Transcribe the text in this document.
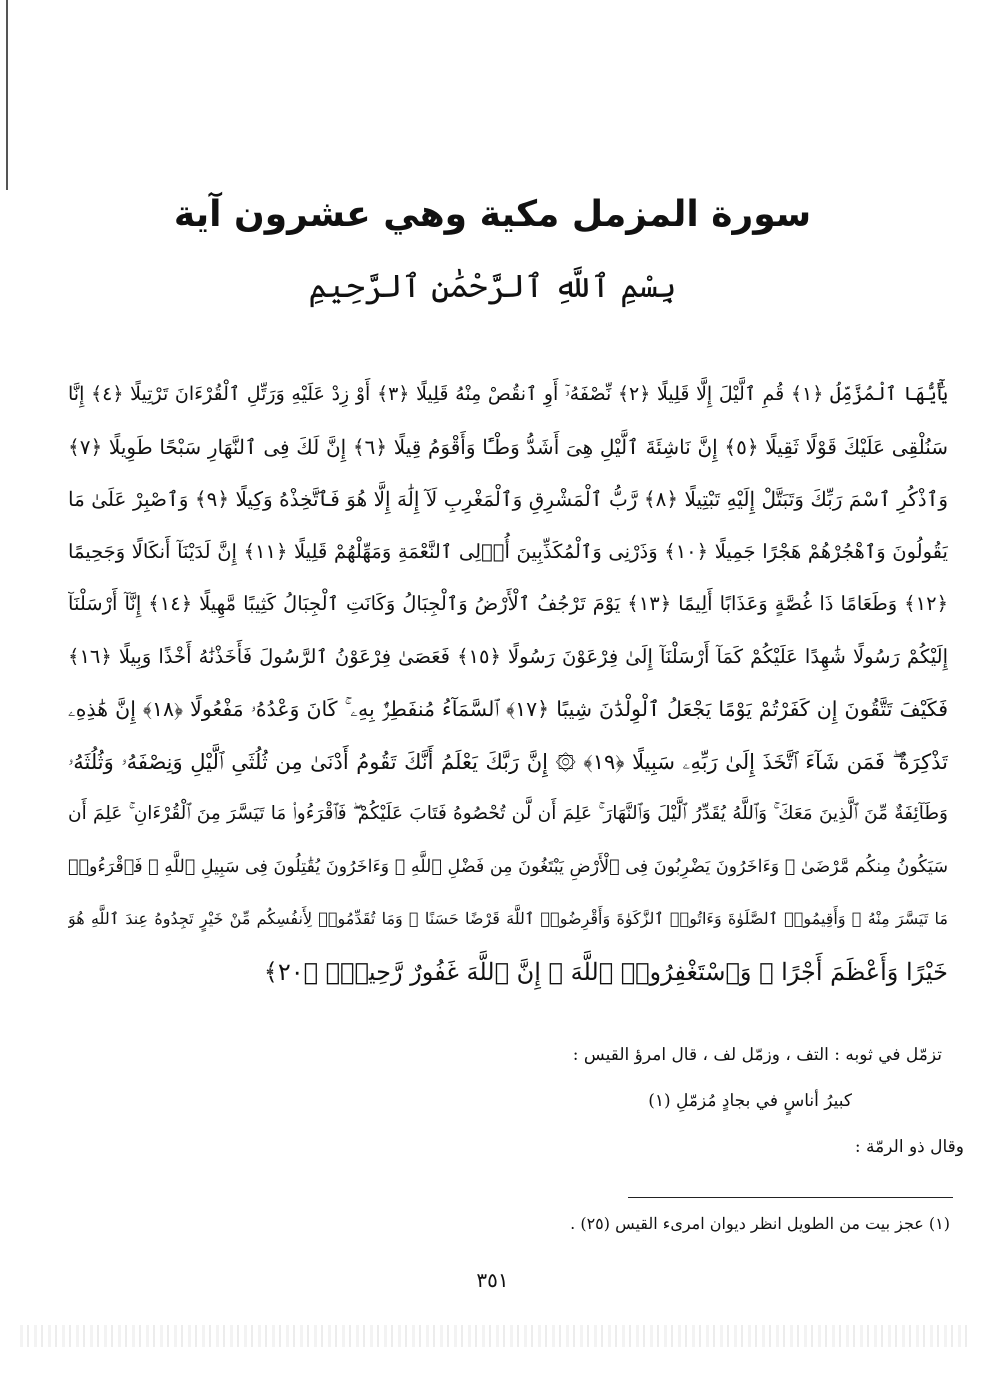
سورة المزمل مكية وهي عشرون آية
بِسْمِ ٱللَّهِ ٱلرَّحْمَٰنِ ٱلرَّحِيمِ
يَٰٓأَيُّهَا ٱلْمُزَّمِّلُ ﴿١﴾ قُمِ ٱلَّيْلَ إِلَّا قَلِيلًا ﴿٢﴾ نِّصْفَهُۥٓ أَوِ ٱنقُصْ مِنْهُ قَلِيلًا ﴿٣﴾ أَوْ زِدْ عَلَيْهِ وَرَتِّلِ ٱلْقُرْءَانَ تَرْتِيلًا ﴿٤﴾ إِنَّا
سَنُلْقِى عَلَيْكَ قَوْلًا ثَقِيلًا ﴿٥﴾ إِنَّ نَاشِئَةَ ٱلَّيْلِ هِىَ أَشَدُّ وَطْـًٔا وَأَقْوَمُ قِيلًا ﴿٦﴾ إِنَّ لَكَ فِى ٱلنَّهَارِ سَبْحًا طَوِيلًا ﴿٧﴾
وَٱذْكُرِ ٱسْمَ رَبِّكَ وَتَبَتَّلْ إِلَيْهِ تَبْتِيلًا ﴿٨﴾ رَّبُّ ٱلْمَشْرِقِ وَٱلْمَغْرِبِ لَآ إِلَٰهَ إِلَّا هُوَ فَٱتَّخِذْهُ وَكِيلًا ﴿٩﴾ وَٱصْبِرْ عَلَىٰ مَا
يَقُولُونَ وَٱهْجُرْهُمْ هَجْرًا جَمِيلًا ﴿١٠﴾ وَذَرْنِى وَٱلْمُكَذِّبِينَ أُو۟لِى ٱلنَّعْمَةِ وَمَهِّلْهُمْ قَلِيلًا ﴿١١﴾ إِنَّ لَدَيْنَآ أَنكَالًا وَجَحِيمًا
﴿١٢﴾ وَطَعَامًا ذَا غُصَّةٍ وَعَذَابًا أَلِيمًا ﴿١٣﴾ يَوْمَ تَرْجُفُ ٱلْأَرْضُ وَٱلْجِبَالُ وَكَانَتِ ٱلْجِبَالُ كَثِيبًا مَّهِيلًا ﴿١٤﴾ إِنَّآ أَرْسَلْنَآ
إِلَيْكُمْ رَسُولًا شَٰهِدًا عَلَيْكُمْ كَمَآ أَرْسَلْنَآ إِلَىٰ فِرْعَوْنَ رَسُولًا ﴿١٥﴾ فَعَصَىٰ فِرْعَوْنُ ٱلرَّسُولَ فَأَخَذْنَٰهُ أَخْذًا وَبِيلًا ﴿١٦﴾
فَكَيْفَ تَتَّقُونَ إِن كَفَرْتُمْ يَوْمًا يَجْعَلُ ٱلْوِلْدَٰنَ شِيبًا ﴿١٧﴾ ٱلسَّمَآءُ مُنفَطِرٌۢ بِهِۦ ۚ كَانَ وَعْدُهُۥ مَفْعُولًا ﴿١٨﴾ إِنَّ هَٰذِهِۦ
تَذْكِرَةٌ ۖ فَمَن شَآءَ ٱتَّخَذَ إِلَىٰ رَبِّهِۦ سَبِيلًا ﴿١٩﴾ ۞ إِنَّ رَبَّكَ يَعْلَمُ أَنَّكَ تَقُومُ أَدْنَىٰ مِن ثُلُثَىِ ٱلَّيْلِ وَنِصْفَهُۥ وَثُلُثَهُۥ
وَطَآئِفَةٌ مِّنَ ٱلَّذِينَ مَعَكَ ۚ وَٱللَّهُ يُقَدِّرُ ٱلَّيْلَ وَٱلنَّهَارَ ۚ عَلِمَ أَن لَّن تُحْصُوهُ فَتَابَ عَلَيْكُمْ ۖ فَٱقْرَءُوا۟ مَا تَيَسَّرَ مِنَ ٱلْقُرْءَانِ ۚ عَلِمَ أَن
سَيَكُونُ مِنكُم مَّرْضَىٰ ۙ وَءَاخَرُونَ يَضْرِبُونَ فِى ٱلْأَرْضِ يَبْتَغُونَ مِن فَضْلِ ٱللَّهِ ۙ وَءَاخَرُونَ يُقَٰتِلُونَ فِى سَبِيلِ ٱللَّهِ ۖ فَٱقْرَءُوا۟
مَا تَيَسَّرَ مِنْهُ ۚ وَأَقِيمُوا۟ ٱلصَّلَوٰةَ وَءَاتُوا۟ ٱلزَّكَوٰةَ وَأَقْرِضُوا۟ ٱللَّهَ قَرْضًا حَسَنًا ۚ وَمَا تُقَدِّمُوا۟ لِأَنفُسِكُم مِّنْ خَيْرٍ تَجِدُوهُ عِندَ ٱللَّهِ هُوَ
خَيْرًا وَأَعْظَمَ أَجْرًا ۚ وَٱسْتَغْفِرُوا۟ ٱللَّهَ ۖ إِنَّ ٱللَّهَ غَفُورٌ رَّحِيمٌۢ ﴿٢٠﴾
تزمّل في ثوبه : التف ، وزمّل لف ، قال امرؤ القيس :
كبيرُ أناسٍ في بجادٍ مُزمّلِ (١)
وقال ذو الرمّة :
(١) عجز بيت من الطويل انظر ديوان امرىء القيس (٢٥) .
٣٥١
